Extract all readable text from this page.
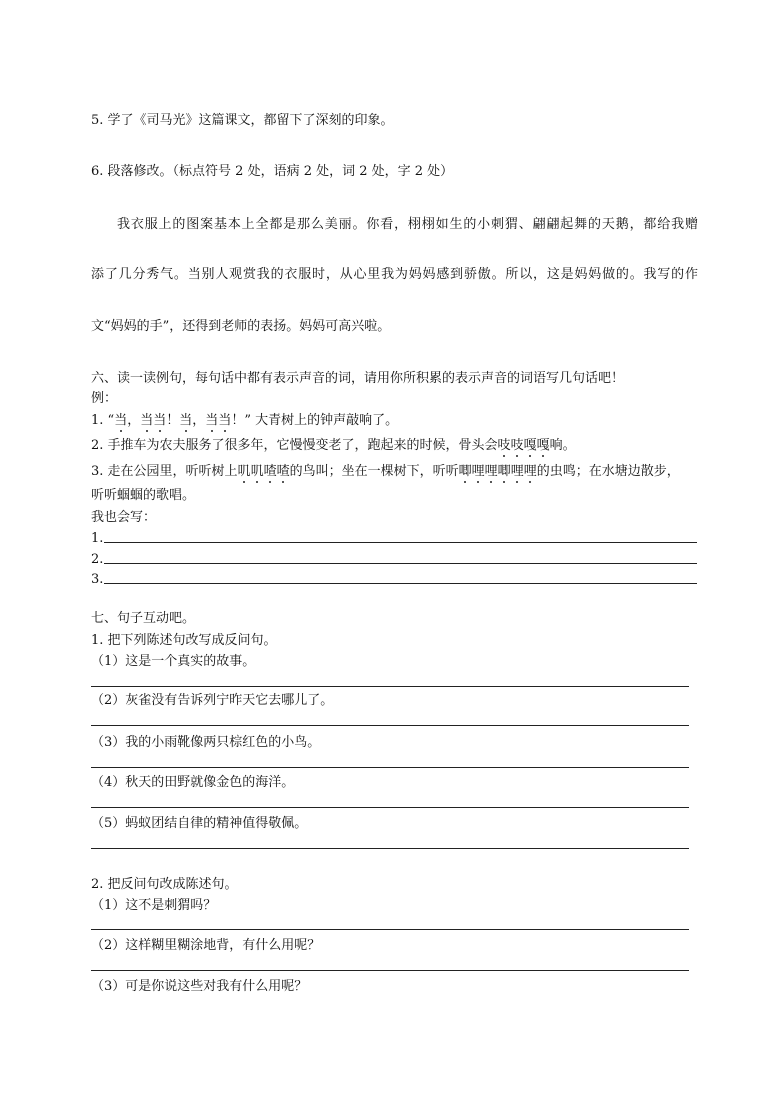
5. 学了《司马光》这篇课文，都留下了深刻的印象。
6. 段落修改。（标点符号 2 处，语病 2 处，词 2 处，字 2 处）
我衣服上的图案基本上全都是那么美丽。你看，栩栩如生的小刺猬、翩翩起舞的天鹅，都给我赠
添了几分秀气。当别人观赏我的衣服时，从心里我为妈妈感到骄傲。所以，这是妈妈做的。我写的作
文“妈妈的手”，还得到老师的表扬。妈妈可高兴啦。
六、读一读例句，每句话中都有表示声音的词，请用你所积累的表示声音的词语写几句话吧！
例：
1. “当，当当！当，当当！” 大青树上的钟声敲响了。
2. 手推车为农夫服务了很多年，它慢慢变老了，跑起来的时候，骨头会吱吱嘎嘎响。
3. 走在公园里，听听树上叽叽喳喳的鸟叫；坐在一棵树下，听听唧哩哩唧哩哩的虫鸣；在水塘边散步，
听听蝈蝈的歌唱。
我也会写：
1.
2.
3.
七、句子互动吧。
1. 把下列陈述句改写成反问句。
（1）这是一个真实的故事。
（2）灰雀没有告诉列宁昨天它去哪儿了。
（3）我的小雨靴像两只棕红色的小鸟。
（4）秋天的田野就像金色的海洋。
（5）蚂蚁团结自律的精神值得敬佩。
2. 把反问句改成陈述句。
（1）这不是刺猬吗？
（2）这样糊里糊涂地背，有什么用呢？
（3）可是你说这些对我有什么用呢？
